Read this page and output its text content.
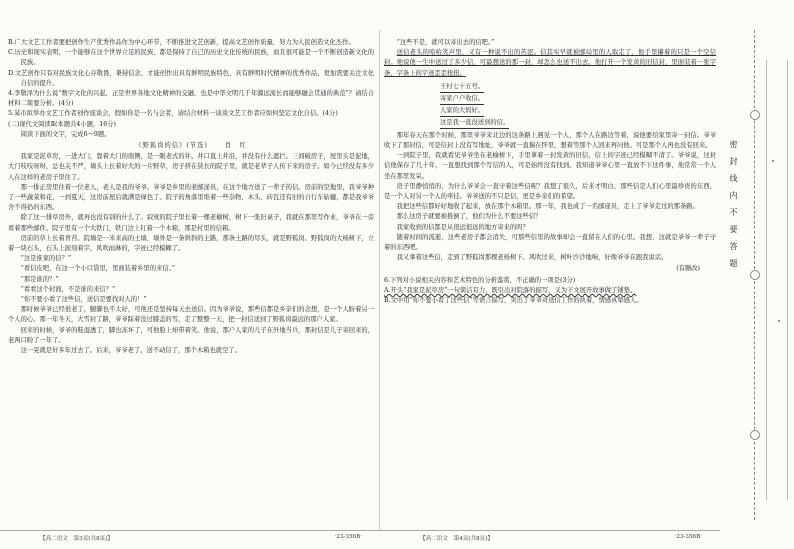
B.广大文艺工作者要把创作生产优秀作品作为中心环节，不断推进文艺创新，提高文艺创作质量，努力为人民创造文化杰作。

C.历史和现实表明，一个能够在这个世界立足的民族，都是保持了自己的历史文化传统的民族，而且很可能是一个不断创造新文化的民族。

D.文艺创作只有对民族文化心存敬畏，秉持信念，才能创作出具有鲜明民族特色、具有鲜明时代精神的优秀作品，更加需要关注文化自信的提升。

4.李敬泽为什么说“数字文化的兴起，正是世界各地文化精神的交融，也是中华文明几千年源远流长而能够融会贯通的典范”？请结合材料二简要分析。(4分)

5.某市拟举办文艺工作者创作座谈会，假如你是一名与会者，请结合材料一谈谈文艺工作者应如何坚定文化自信。(4分)

(二)现代文阅读Ⅱ(本题共4小题，16分)

阅读下面的文字，完成6～9题。

《野狐岗的信》(节选)	肖　红

我家是泥草房，一进大门，靠着大门的南侧，是一眼老式的井。井口直上井沿，并没有什么遮拦。三间破房子，屋里头是泥地，大门吱吱呀呀，总也关不严，墙头上长着好大的一片野草，房子挤在狭长的院子里，就是老辈子人传下来的房子。如今已经没有多少人在这样的老房子里住了。

那一排正房里住着一位老人，老人是我的爷爷。爷爷是乡里的老邮递员，在这个地方送了一辈子的信。房前的空地里，我爷爷种了一些蔬菜和花，一到夏天，这房前屋后就满是绿色了。院子的角落里堆着一些杂物，木头、砖瓦还有旧的自行车轱辘，都是我爷爷舍不得扔的东西。

除了这一排草房外，就再也没有别的什么了。寂寞的院子里长着一棵老榆树，树下一张旧桌子，我就在那里写作业，爷爷在一旁看着那些邮件。院子里有一个大铁门，铁门边上钉着一个木箱，那是村里的信箱。

房前的草上长着青苔。院墙是一米来高的土墙，墙外是一条斜斜的土路，那条土路的尽头，就是野狐岗。野狐岗的大杨树下，立着一块石头，石头上面刻着字，风吹雨淋的，字迹已经模糊了。

“这是谁家的信？”

“看信皮吧，在这一个小口袋里，里面装着乡里的来信。”

“那是谁的？”

“看看这个封面，不是谁的来信？”

“你不要小看了这些信，送信是要找对人的！”

那时候爷爷已经很老了，腿脚也不太好，可他还是坚持每天去送信。因为爷爷说，那些信都是乡亲们的念想，是一个人盼着另一个人的心。那一年冬天，大雪封了路，爷爷踩着没过膝盖的雪，走了整整一天，把一封信送到了野狐岗最远的那户人家。

回来的时候，爷爷的鞋湿透了，脚也冻坏了，可他脸上却带着笑。他说，那户人家的儿子在外地当兵，那封信是儿子寄回来的，老两口盼了一年了。

这一晃就是好多年过去了。后来，爷爷老了，送不动信了，那个木箱也就空了。

【高二语文　第3页(共8页)】	·23-356B·

“这些不是，就可以寄出去的信吧。”

送信老头的哈哈笑声里，又有一种说不出的苦涩。信其实早就被邮局里的人取走了，他手里攥着的只是一个空信封。他说他一生中送过了多少信，可最想送的那一封，却怎么也送不出去。他打开一个发黄的旧信封，里面装着一张字条，字条上的字迹歪歪扭扭。

王村七十五号。
寄家户户收信。
人家的大妈好。
这是我一直没送到的信。

那年春天在那个时候，那里爷爷来北边的这条路上遇见一个人，那个人在路边等着，说他要给家里寄一封信。爷爷收下了那封信，可是信封上没有写地址，爷爷就一直揣在怀里，想着等那个人回来再问他。可是那个人再也没有回来。

一到院子里，我就看见爷爷坐在老榆树下，手里拿着一封发黄的旧信，信上的字迹已经模糊不清了。爷爷说，这封信他保存了几十年，一直想找到那个写信的人，可是始终没有找到。我知道爷爷心里一直放不下这件事，他常常一个人坐在那里发呆。

房子里静悄悄的，为什么爷爷会一直守着这些信呢？我想了很久，后来才明白，那些信是人们心里最珍贵的东西，是一个人对另一个人的牵挂。爷爷送的不只是信，更是乡亲们的希望。

我把这些信都好好地收了起来，放在那个木箱里。那一年，我也成了一名邮递员，走上了爷爷走过的那条路。

那么这房子就要被推倒了，他们为什么不要这些信？

我家收到的信都是从很远很远的地方寄来的吗？

随着时间的流逝，这些老房子都会消失，可那些信里的故事却会一直留在人们的心里。我想，这就是爷爷一辈子守着的东西吧。

我又拿着这些信，走到了野狐岗那棵老杨树下。风吹过来，树叶沙沙地响，好像爷爷在跟我说话。

(有删改)

6.下列对小说相关内容和艺术特色的分析鉴赏，不正确的一项是(3分)

A.开头“我家是泥草房”一句简洁有力，既引出对院落的描写，又为下文展开故事做了铺垫。

B.文中用“你不要小看了这些信”等语言描写，突出了爷爷对送信工作的执着，情感真挚感人。

【高二语文　第4页(共8页)】	·23-356B·
密封线内不要答题
